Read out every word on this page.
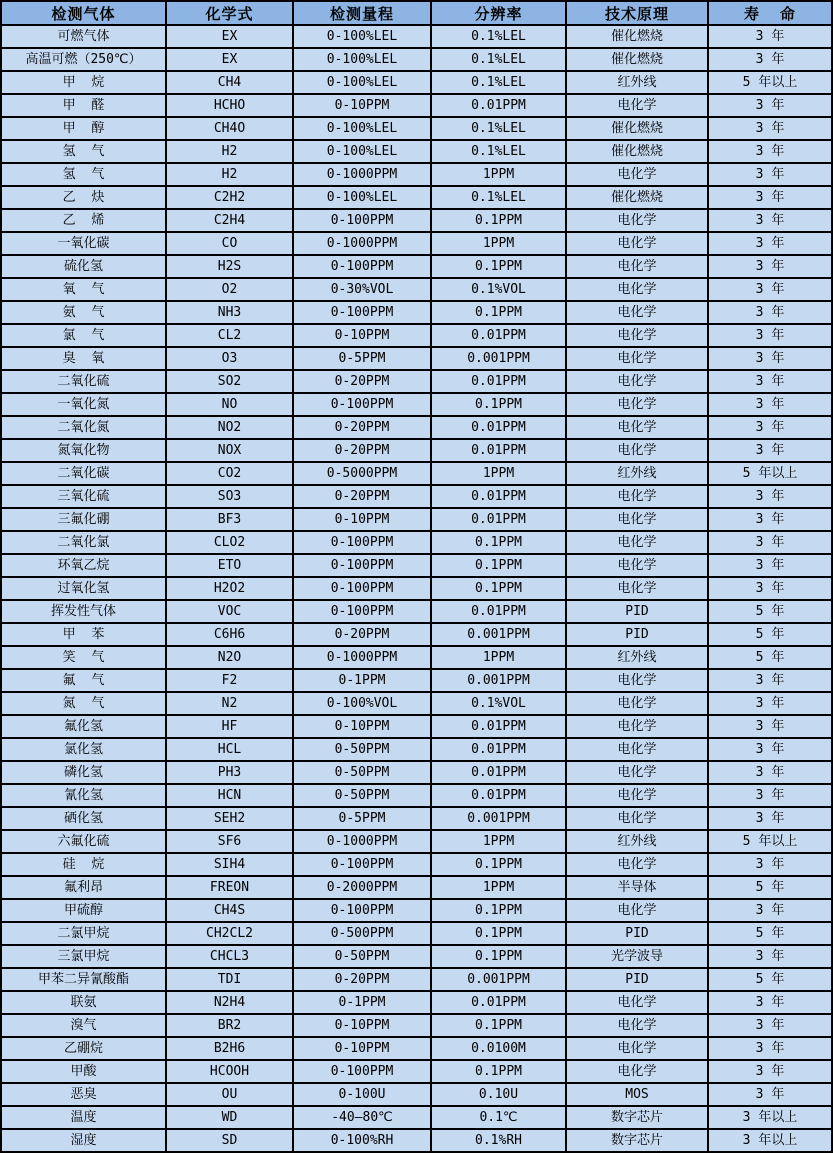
检测气体	化学式	检测量程	分辨率	技术原理	寿  命
可燃气体	EX	0-100%LEL	0.1%LEL	催化燃烧	3 年
高温可燃（250℃）	EX	0-100%LEL	0.1%LEL	催化燃烧	3 年
甲  烷	CH4	0-100%LEL	0.1%LEL	红外线	5 年以上
甲  醛	HCHO	0-10PPM	0.01PPM	电化学	3 年
甲  醇	CH4O	0-100%LEL	0.1%LEL	催化燃烧	3 年
氢  气	H2	0-100%LEL	0.1%LEL	催化燃烧	3 年
氢  气	H2	0-1000PPM	1PPM	电化学	3 年
乙  炔	C2H2	0-100%LEL	0.1%LEL	催化燃烧	3 年
乙  烯	C2H4	0-100PPM	0.1PPM	电化学	3 年
一氧化碳	CO	0-1000PPM	1PPM	电化学	3 年
硫化氢	H2S	0-100PPM	0.1PPM	电化学	3 年
氧  气	O2	0-30%VOL	0.1%VOL	电化学	3 年
氨  气	NH3	0-100PPM	0.1PPM	电化学	3 年
氯  气	CL2	0-10PPM	0.01PPM	电化学	3 年
臭  氧	O3	0-5PPM	0.001PPM	电化学	3 年
二氧化硫	SO2	0-20PPM	0.01PPM	电化学	3 年
一氧化氮	NO	0-100PPM	0.1PPM	电化学	3 年
二氧化氮	NO2	0-20PPM	0.01PPM	电化学	3 年
氮氧化物	NOX	0-20PPM	0.01PPM	电化学	3 年
二氧化碳	CO2	0-5000PPM	1PPM	红外线	5 年以上
三氧化硫	SO3	0-20PPM	0.01PPM	电化学	3 年
三氟化硼	BF3	0-10PPM	0.01PPM	电化学	3 年
二氧化氯	CLO2	0-100PPM	0.1PPM	电化学	3 年
环氧乙烷	ETO	0-100PPM	0.1PPM	电化学	3 年
过氧化氢	H2O2	0-100PPM	0.1PPM	电化学	3 年
挥发性气体	VOC	0-100PPM	0.01PPM	PID	5 年
甲  苯	C6H6	0-20PPM	0.001PPM	PID	5 年
笑  气	N2O	0-1000PPM	1PPM	红外线	5 年
氟  气	F2	0-1PPM	0.001PPM	电化学	3 年
氮  气	N2	0-100%VOL	0.1%VOL	电化学	3 年
氟化氢	HF	0-10PPM	0.01PPM	电化学	3 年
氯化氢	HCL	0-50PPM	0.01PPM	电化学	3 年
磷化氢	PH3	0-50PPM	0.01PPM	电化学	3 年
氰化氢	HCN	0-50PPM	0.01PPM	电化学	3 年
硒化氢	SEH2	0-5PPM	0.001PPM	电化学	3 年
六氟化硫	SF6	0-1000PPM	1PPM	红外线	5 年以上
硅  烷	SIH4	0-100PPM	0.1PPM	电化学	3 年
氟利昂	FREON	0-2000PPM	1PPM	半导体	5 年
甲硫醇	CH4S	0-100PPM	0.1PPM	电化学	3 年
二氯甲烷	CH2CL2	0-500PPM	0.1PPM	PID	5 年
三氯甲烷	CHCL3	0-50PPM	0.1PPM	光学波导	3 年
甲苯二异氰酸酯	TDI	0-20PPM	0.001PPM	PID	5 年
联氨	N2H4	0-1PPM	0.01PPM	电化学	3 年
溴气	BR2	0-10PPM	0.1PPM	电化学	3 年
乙硼烷	B2H6	0-10PPM	0.0100M	电化学	3 年
甲酸	HCOOH	0-100PPM	0.1PPM	电化学	3 年
恶臭	OU	0-100U	0.10U	MOS	3 年
温度	WD	-40—80℃	0.1℃	数字芯片	3 年以上
湿度	SD	0-100%RH	0.1%RH	数字芯片	3 年以上
